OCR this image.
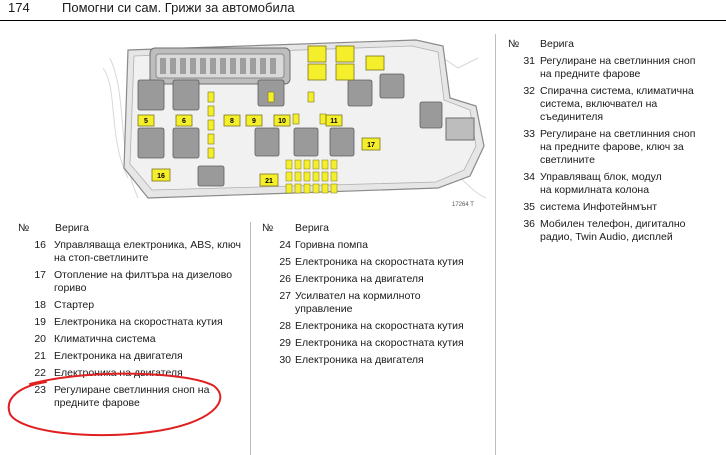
174 Помогни си сам. Грижи за автомобила
5	6	8	9	10	11
16
17
21
17264 T
№ Верига
16 Управляваща електроника, ABS, ключ на стоп-светлините
17 Отопление на филтъра на дизелово гориво
18 Стартер
19 Електроника на скоростната кутия
20 Климатична система
21 Електроника на двигателя
22 Електроника на двигателя
23 Регулиране светлинния сноп на предните фарове
№ Верига
24 Горивна помпа
25 Електроника на скоростната кутия
26 Електроника на двигателя
27 Усилвател на кормилното управление
28 Електроника на скоростната кутия
29 Електроника на скоростната кутия
30 Електроника на двигателя
№ Верига
31 Регулиране на светлинния сноп на предните фарове
32 Спирачна система, климатична система, включвател на съединителя
33 Регулиране на светлинния сноп на предните фарове, ключ за светлините
34 Управляващ блок, модул на кормилната колона
35 система Инфотейнмънт
36 Мобилен телефон, дигитално радио, Twin Audio, дисплей
